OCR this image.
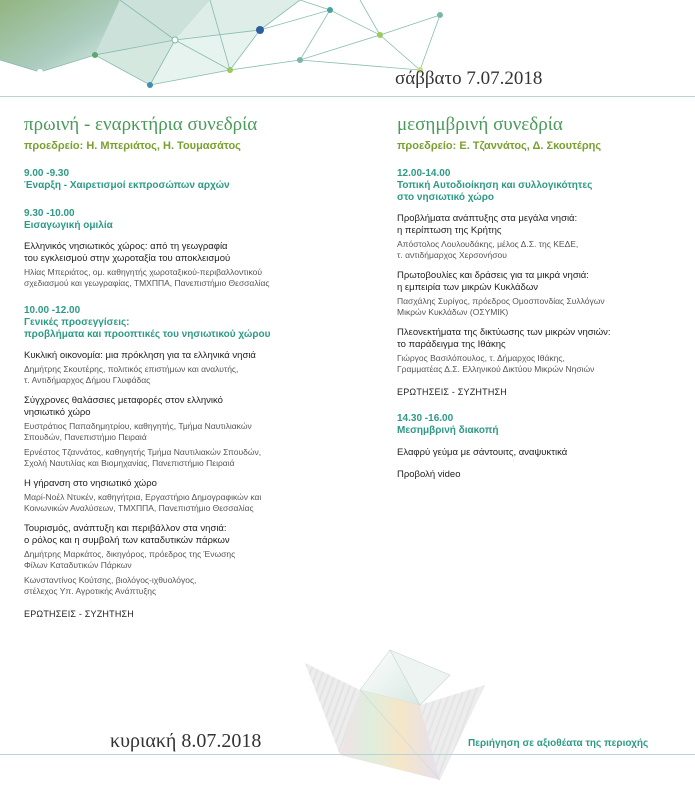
σάββατο 7.07.2018
πρωινή - εναρκτήρια συνεδρία
προεδρείο: Η. Μπεριάτος, Η. Τουμασάτος
9.00 -9.30
Έναρξη - Χαιρετισμοί εκπροσώπων αρχών
9.30 -10.00
Εισαγωγική ομιλία
Ελληνικός νησιωτικός χώρος: από τη γεωγραφία
του εγκλεισμού στην χωροταξία του αποκλεισμού
Ηλίας Μπεριάτος, ομ. καθηγητής χωροταξικού-περιβαλλοντικού
σχεδιασμού και γεωγραφίας, ΤΜΧΠΠΑ, Πανεπιστήμιο Θεσσαλίας
10.00 -12.00
Γενικές προσεγγίσεις:
προβλήματα και προοπτικές του νησιωτικού χώρου
Κυκλική οικονομία: μια πρόκληση για τα ελληνικά νησιά
Δημήτρης Σκουτέρης, πολιτικός επιστήμων και αναλυτής,
τ. Αντιδήμαρχος Δήμου Γλυφάδας
Σύγχρονες θαλάσσιες μεταφορές στον ελληνικό
νησιωτικό χώρο
Ευστράτιος Παπαδημητρίου, καθηγητής, Τμήμα Ναυτιλιακών
Σπουδών, Πανεπιστήμιο Πειραιά
Ερνέστος Τζαννάτος, καθηγητής Τμήμα Ναυτιλιακών Σπουδών,
Σχολή Ναυτιλίας και Βιομηχανίας, Πανεπιστήμιο Πειραιά
Η γήρανση στο νησιωτικό χώρο
Μαρί-Νοέλ Ντυκέν, καθηγήτρια, Εργαστήριο Δημογραφικών και
Κοινωνικών Αναλύσεων, ΤΜΧΠΠΑ, Πανεπιστήμιο Θεσσαλίας
Τουρισμός, ανάπτυξη και περιβάλλον στα νησιά:
ο ρόλος και η συμβολή των καταδυτικών πάρκων
Δημήτρης Μαρκάτος, δικηγόρος, πρόεδρος της Ένωσης
Φίλων Καταδυτικών Πάρκων
Κωνσταντίνος Κούτσης, βιολόγος-ιχθυολόγος,
στέλεχος Υπ. Αγροτικής Ανάπτυξης
ΕΡΩΤΗΣΕΙΣ - ΣΥΖΗΤΗΣΗ
μεσημβρινή συνεδρία
προεδρείο: Ε. Τζαννάτος, Δ. Σκουτέρης
12.00-14.00
Τοπική Αυτοδιοίκηση και συλλογικότητες
στο νησιωτικό χώρο
Προβλήματα ανάπτυξης στα μεγάλα νησιά:
η περίπτωση της Κρήτης
Απόστολος Λουλουδάκης, μέλος Δ.Σ. της ΚΕΔΕ,
τ. αντιδήμαρχος Χερσονήσου
Πρωτοβουλίες και δράσεις για τα μικρά νησιά:
η εμπειρία των μικρών Κυκλάδων
Πασχάλης Συρίγος, πρόεδρος Ομοσπονδίας Συλλόγων
Μικρών Κυκλάδων (ΟΣΥΜΙΚ)
Πλεονεκτήματα της δικτύωσης των μικρών νησιών:
το παράδειγμα της Ιθάκης
Γιώργος Βασιλόπουλος, τ. Δήμαρχος Ιθάκης,
Γραμματέας Δ.Σ. Ελληνικού Δικτύου Μικρών Νησιών
ΕΡΩΤΗΣΕΙΣ - ΣΥΖΗΤΗΣΗ
14.30 -16.00
Μεσημβρινή διακοπή
Ελαφρύ γεύμα με σάντουιτς, αναψυκτικά
Προβολή video
κυριακή 8.07.2018	Περιήγηση σε αξιοθέατα της περιοχής
